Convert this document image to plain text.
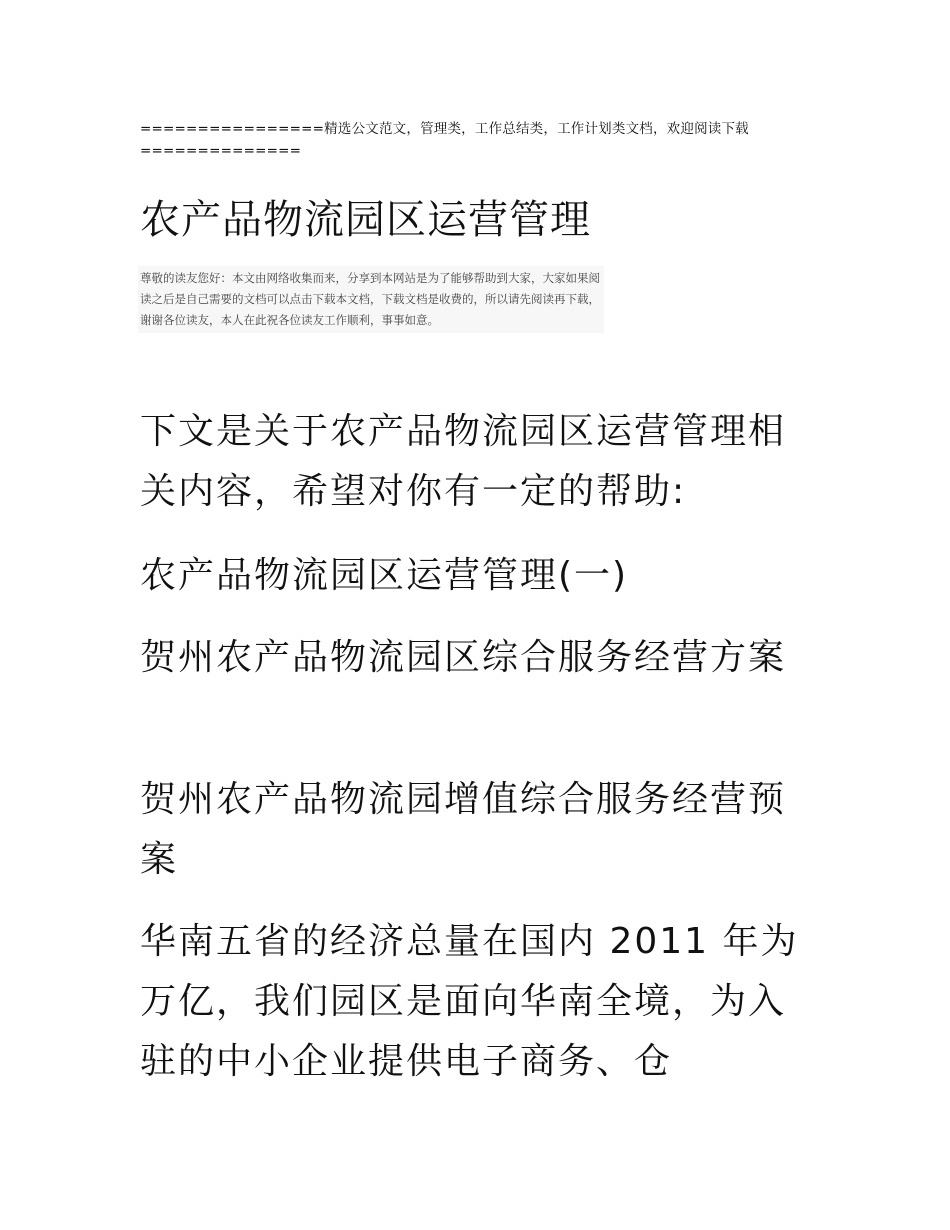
================精选公文范文，管理类，工作总结类，工作计划类文档，欢迎阅读下载==============
农产品物流园区运营管理
尊敬的读友您好：本文由网络收集而来，分享到本网站是为了能够帮助到大家，大家如果阅读之后是自己需要的文档可以点击下载本文档，下载文档是收费的，所以请先阅读再下载，谢谢各位读友，本人在此祝各位读友工作顺利，事事如意。

下文是关于农产品物流园区运营管理相关内容，希望对你有一定的帮助:

农产品物流园区运营管理(一)

贺州农产品物流园区综合服务经营方案

贺州农产品物流园增值综合服务经营预案

华南五省的经济总量在国内 2011 年为万亿，我们园区是面向华南全境，为入驻的中小企业提供电子商务、仓
